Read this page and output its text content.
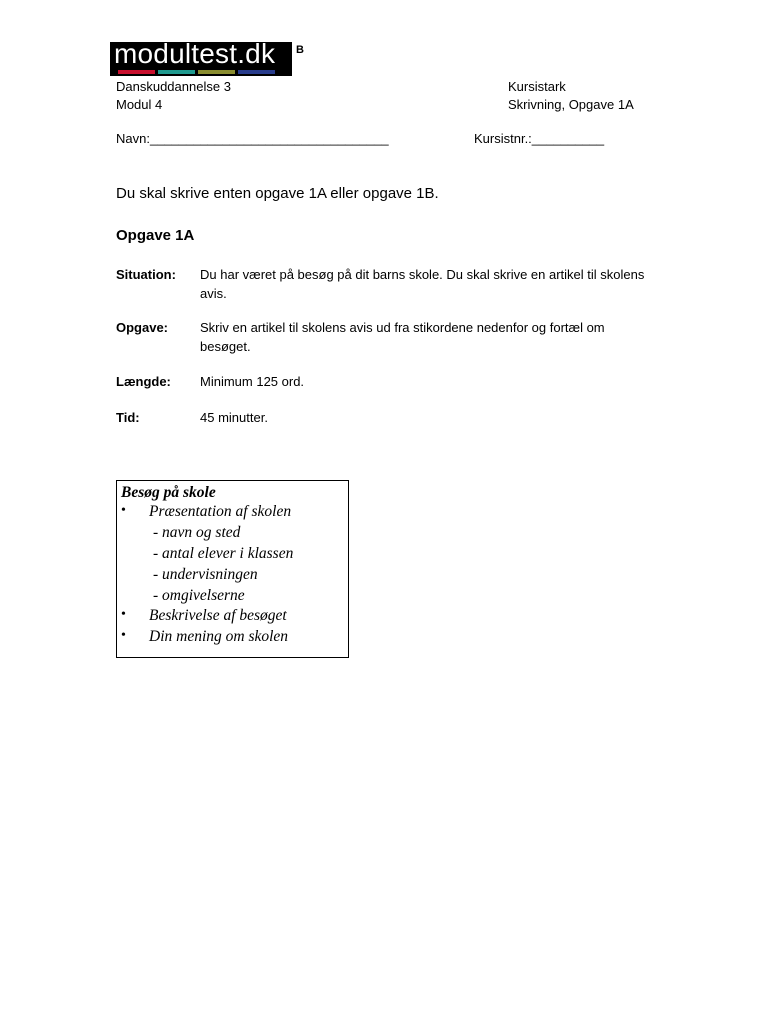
modultest.dk B
Danskuddannelse 3
Modul 4
Kursistark
Skrivning, Opgave 1A
Navn:_________________________________	Kursistnr.:__________
Du skal skrive enten opgave 1A eller opgave 1B.
Opgave 1A
Situation: Du har været på besøg på dit barns skole. Du skal skrive en artikel til skolens avis.
Opgave: Skriv en artikel til skolens avis ud fra stikordene nedenfor og fortæl om besøget.
Længde: Minimum 125 ord.
Tid:	45 minutter.
Besøg på skole
• Præsentation af skolen
- navn og sted
- antal elever i klassen
- undervisningen
- omgivelserne
• Beskrivelse af besøget
• Din mening om skolen
